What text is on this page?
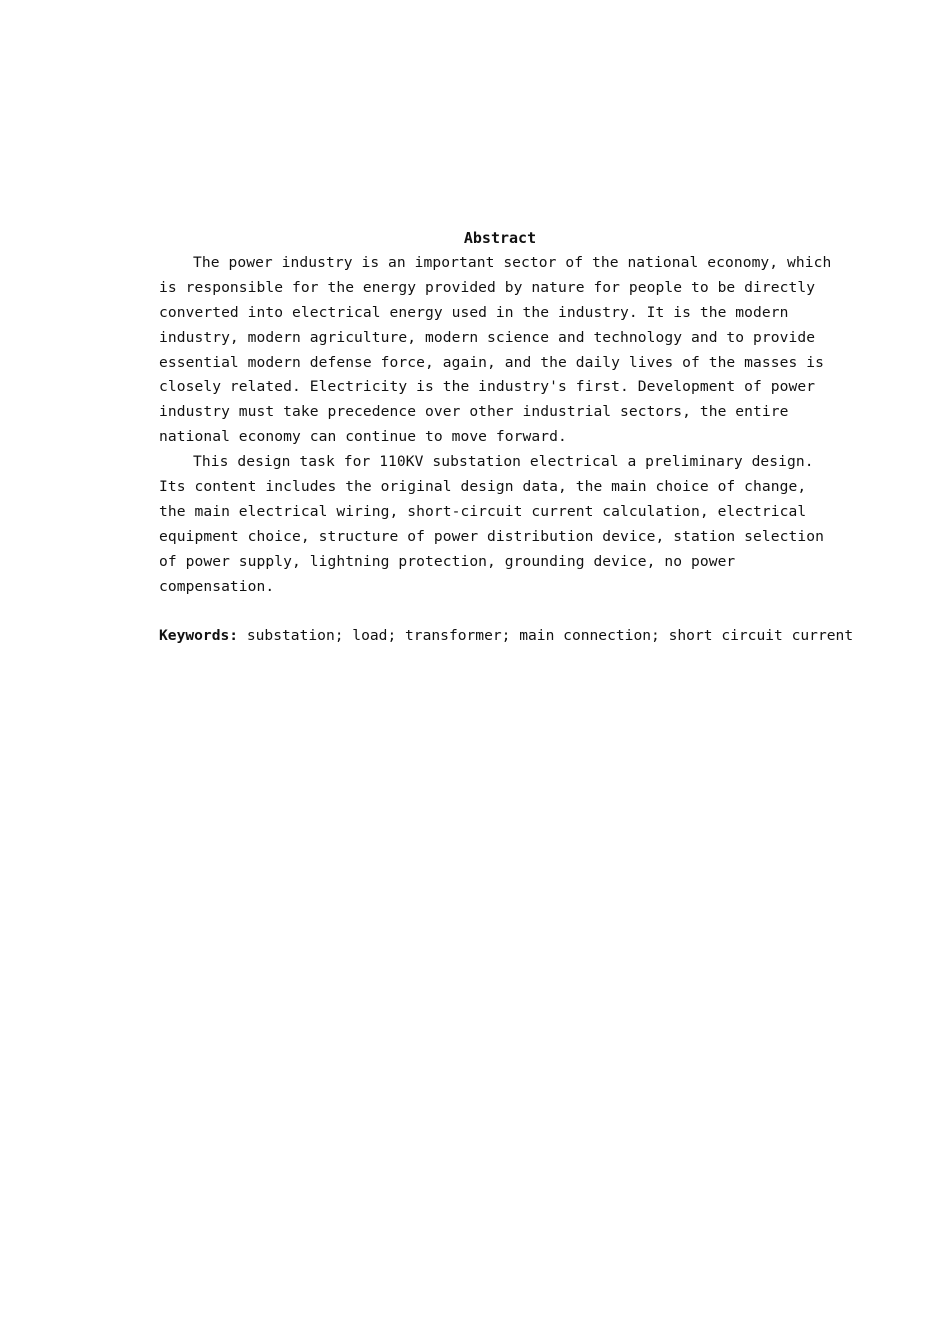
Abstract

The power industry is an important sector of the national economy, which is responsible for the energy provided by nature for people to be directly converted into electrical energy used in the industry. It is the modern industry, modern agriculture, modern science and technology and to provide essential modern defense force, again, and the daily lives of the masses is closely related. Electricity is the industry's first. Development of power industry must take precedence over other industrial sectors, the entire national economy can continue to move forward.

This design task for 110KV substation electrical a preliminary design. Its content includes the original design data, the main choice of change, the main electrical wiring, short-circuit current calculation, electrical equipment choice, structure of power distribution device, station selection of power supply, lightning protection, grounding device, no power compensation.

Keywords: substation; load; transformer; main connection; short circuit current
